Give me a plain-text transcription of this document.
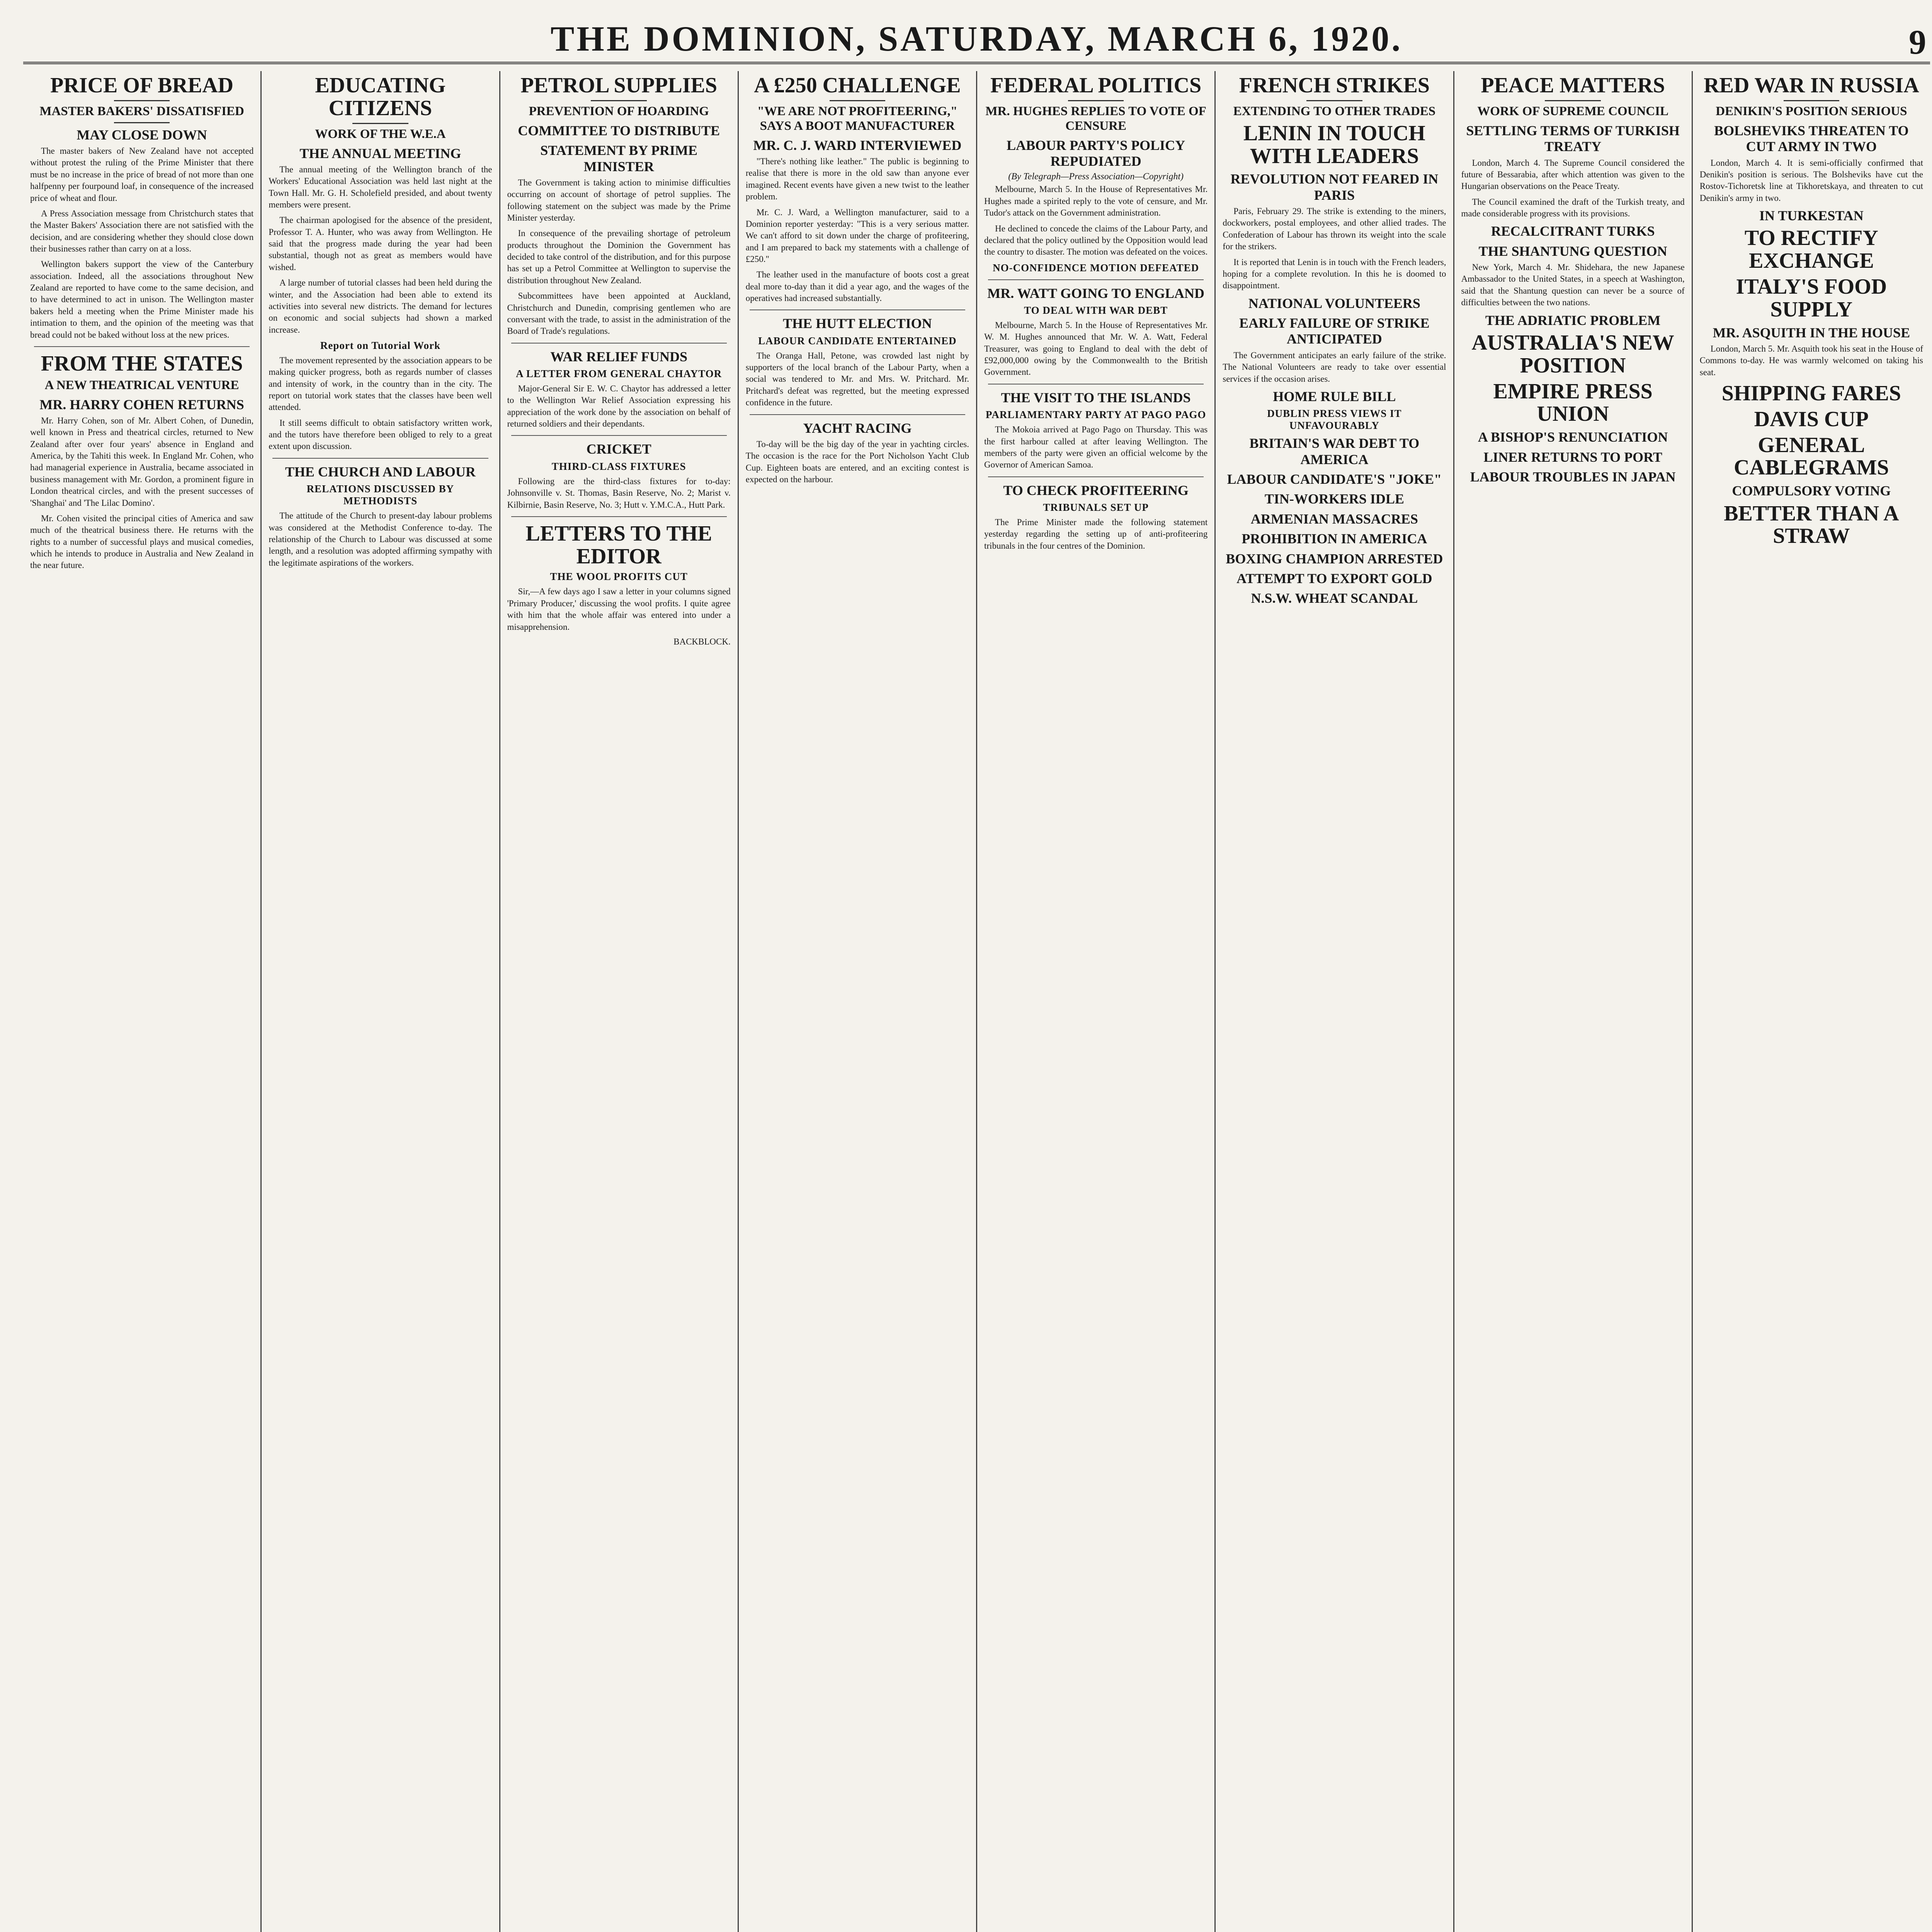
THE DOMINION, SATURDAY, MARCH 6, 1920.	9
PRICE OF BREAD
MASTER BAKERS' DISSATISFIED
MAY CLOSE DOWN

The master bakers of New Zealand have not accepted without protest the ruling of the Prime Minister that there must be no increase in the price of bread of not more than one halfpenny per fourpound loaf, in consequence of the increased price of wheat and flour.

A Press Association message from Christchurch states that the Master Bakers' Association there are not satisfied with the decision, and are considering whether they should close down their businesses rather than carry on at a loss.

Wellington bakers support the view of the Canterbury association. Indeed, all the associations throughout New Zealand are reported to have come to the same decision, and to have determined to act in unison. The Wellington master bakers held a meeting when the Prime Minister made his intimation to them, and the opinion of the meeting was that bread could not be baked without loss at the new prices.

FROM THE STATES
A NEW THEATRICAL VENTURE
MR. HARRY COHEN RETURNS

Mr. Harry Cohen, son of Mr. Albert Cohen, of Dunedin, well known in Press and theatrical circles, returned to New Zealand after over four years' absence in England and America, by the Tahiti this week. In England Mr. Cohen, who had managerial experience in Australia, became associated in business management with Mr. Gordon, a prominent figure in London theatrical circles, and with the present successes of 'Shanghai' and 'The Lilac Domino'.

Mr. Cohen visited the principal cities of America and saw much of the theatrical business there. He returns with the rights to a number of successful plays and musical comedies, which he intends to produce in Australia and New Zealand in the near future.

EDUCATING CITIZENS
WORK OF THE W.E.A
THE ANNUAL MEETING

The annual meeting of the Wellington branch of the Workers' Educational Association was held last night at the Town Hall. Mr. G. H. Scholefield presided, and about twenty members were present.

The chairman apologised for the absence of the president, Professor T. A. Hunter, who was away from Wellington. He said that the progress made during the year had been substantial, though not as great as members would have wished.

A large number of tutorial classes had been held during the winter, and the Association had been able to extend its activities into several new districts. The demand for lectures on economic and social subjects had shown a marked increase.

Report on Tutorial Work

The movement represented by the association appears to be making quicker progress, both as regards number of classes and intensity of work, in the country than in the city. The report on tutorial work states that the classes have been well attended.

It still seems difficult to obtain satisfactory written work, and the tutors have therefore been obliged to rely to a great extent upon discussion.

THE CHURCH AND LABOUR
RELATIONS DISCUSSED BY METHODISTS

The attitude of the Church to present-day labour problems was considered at the Methodist Conference to-day. The relationship of the Church to Labour was discussed at some length, and a resolution was adopted affirming sympathy with the legitimate aspirations of the workers.

PETROL SUPPLIES
PREVENTION OF HOARDING
COMMITTEE TO DISTRIBUTE
STATEMENT BY PRIME MINISTER

The Government is taking action to minimise difficulties occurring on account of shortage of petrol supplies. The following statement on the subject was made by the Prime Minister yesterday.

In consequence of the prevailing shortage of petroleum products throughout the Dominion the Government has decided to take control of the distribution, and for this purpose has set up a Petrol Committee at Wellington to supervise the distribution throughout New Zealand.

Subcommittees have been appointed at Auckland, Christchurch and Dunedin, comprising gentlemen who are conversant with the trade, to assist in the administration of the Board of Trade's regulations.

WAR RELIEF FUNDS
A LETTER FROM GENERAL CHAYTOR

Major-General Sir E. W. C. Chaytor has addressed a letter to the Wellington War Relief Association expressing his appreciation of the work done by the association on behalf of returned soldiers and their dependants.

CRICKET
THIRD-CLASS FIXTURES

Following are the third-class fixtures for to-day: Johnsonville v. St. Thomas, Basin Reserve, No. 2; Marist v. Kilbirnie, Basin Reserve, No. 3; Hutt v. Y.M.C.A., Hutt Park.

LETTERS TO THE EDITOR
THE WOOL PROFITS CUT

Sir,—A few days ago I saw a letter in your columns signed 'Primary Producer,' discussing the wool profits. I quite agree with him that the whole affair was entered into under a misapprehension.

BACKBLOCK.
A £250 CHALLENGE
"WE ARE NOT PROFITEERING," SAYS A BOOT MANUFACTURER
MR. C. J. WARD INTERVIEWED

"There's nothing like leather." The public is beginning to realise that there is more in the old saw than anyone ever imagined. Recent events have given a new twist to the leather problem.

Mr. C. J. Ward, a Wellington manufacturer, said to a Dominion reporter yesterday: "This is a very serious matter. We can't afford to sit down under the charge of profiteering, and I am prepared to back my statements with a challenge of £250."

The leather used in the manufacture of boots cost a great deal more to-day than it did a year ago, and the wages of the operatives had increased substantially.

THE HUTT ELECTION
LABOUR CANDIDATE ENTERTAINED

The Oranga Hall, Petone, was crowded last night by supporters of the local branch of the Labour Party, when a social was tendered to Mr. and Mrs. W. Pritchard. Mr. Pritchard's defeat was regretted, but the meeting expressed confidence in the future.

YACHT RACING

To-day will be the big day of the year in yachting circles. The occasion is the race for the Port Nicholson Yacht Club Cup. Eighteen boats are entered, and an exciting contest is expected on the harbour.

FEDERAL POLITICS
MR. HUGHES REPLIES TO VOTE OF CENSURE
LABOUR PARTY'S POLICY REPUDIATED
(By Telegraph—Press Association—Copyright)

Melbourne, March 5. In the House of Representatives Mr. Hughes made a spirited reply to the vote of censure, and Mr. Tudor's attack on the Government administration.

He declined to concede the claims of the Labour Party, and declared that the policy outlined by the Opposition would lead the country to disaster. The motion was defeated on the voices.

NO-CONFIDENCE MOTION DEFEATED
MR. WATT GOING TO ENGLAND
TO DEAL WITH WAR DEBT

Melbourne, March 5. In the House of Representatives Mr. W. M. Hughes announced that Mr. W. A. Watt, Federal Treasurer, was going to England to deal with the debt of £92,000,000 owing by the Commonwealth to the British Government.

THE VISIT TO THE ISLANDS
PARLIAMENTARY PARTY AT PAGO PAGO

The Mokoia arrived at Pago Pago on Thursday. This was the first harbour called at after leaving Wellington. The members of the party were given an official welcome by the Governor of American Samoa.

TO CHECK PROFITEERING
TRIBUNALS SET UP

The Prime Minister made the following statement yesterday regarding the setting up of anti-profiteering tribunals in the four centres of the Dominion.

FRENCH STRIKES
EXTENDING TO OTHER TRADES
LENIN IN TOUCH WITH LEADERS
REVOLUTION NOT FEARED IN PARIS

Paris, February 29. The strike is extending to the miners, dockworkers, postal employees, and other allied trades. The Confederation of Labour has thrown its weight into the scale for the strikers.

It is reported that Lenin is in touch with the French leaders, hoping for a complete revolution. In this he is doomed to disappointment.

NATIONAL VOLUNTEERS
EARLY FAILURE OF STRIKE ANTICIPATED

The Government anticipates an early failure of the strike. The National Volunteers are ready to take over essential services if the occasion arises.

HOME RULE BILL
DUBLIN PRESS VIEWS IT UNFAVOURABLY
BRITAIN'S WAR DEBT TO AMERICA
LABOUR CANDIDATE'S "JOKE"
TIN-WORKERS IDLE
ARMENIAN MASSACRES
PROHIBITION IN AMERICA
BOXING CHAMPION ARRESTED
ATTEMPT TO EXPORT GOLD
N.S.W. WHEAT SCANDAL
PEACE MATTERS
WORK OF SUPREME COUNCIL
SETTLING TERMS OF TURKISH TREATY

London, March 4. The Supreme Council considered the future of Bessarabia, after which attention was given to the Hungarian observations on the Peace Treaty.

The Council examined the draft of the Turkish treaty, and made considerable progress with its provisions.

RECALCITRANT TURKS
THE SHANTUNG QUESTION

New York, March 4. Mr. Shidehara, the new Japanese Ambassador to the United States, in a speech at Washington, said that the Shantung question can never be a source of difficulties between the two nations.

THE ADRIATIC PROBLEM
AUSTRALIA'S NEW POSITION
EMPIRE PRESS UNION
A BISHOP'S RENUNCIATION
LINER RETURNS TO PORT
LABOUR TROUBLES IN JAPAN
RED WAR IN RUSSIA
DENIKIN'S POSITION SERIOUS
BOLSHEVIKS THREATEN TO CUT ARMY IN TWO

London, March 4. It is semi-officially confirmed that Denikin's position is serious. The Bolsheviks have cut the Rostov-Tichoretsk line at Tikhoretskaya, and threaten to cut Denikin's army in two.

IN TURKESTAN
TO RECTIFY EXCHANGE
ITALY'S FOOD SUPPLY
MR. ASQUITH IN THE HOUSE

London, March 5. Mr. Asquith took his seat in the House of Commons to-day. He was warmly welcomed on taking his seat.

SHIPPING FARES
DAVIS CUP
GENERAL CABLEGRAMS
COMPULSORY VOTING
BETTER THAN A STRAW
